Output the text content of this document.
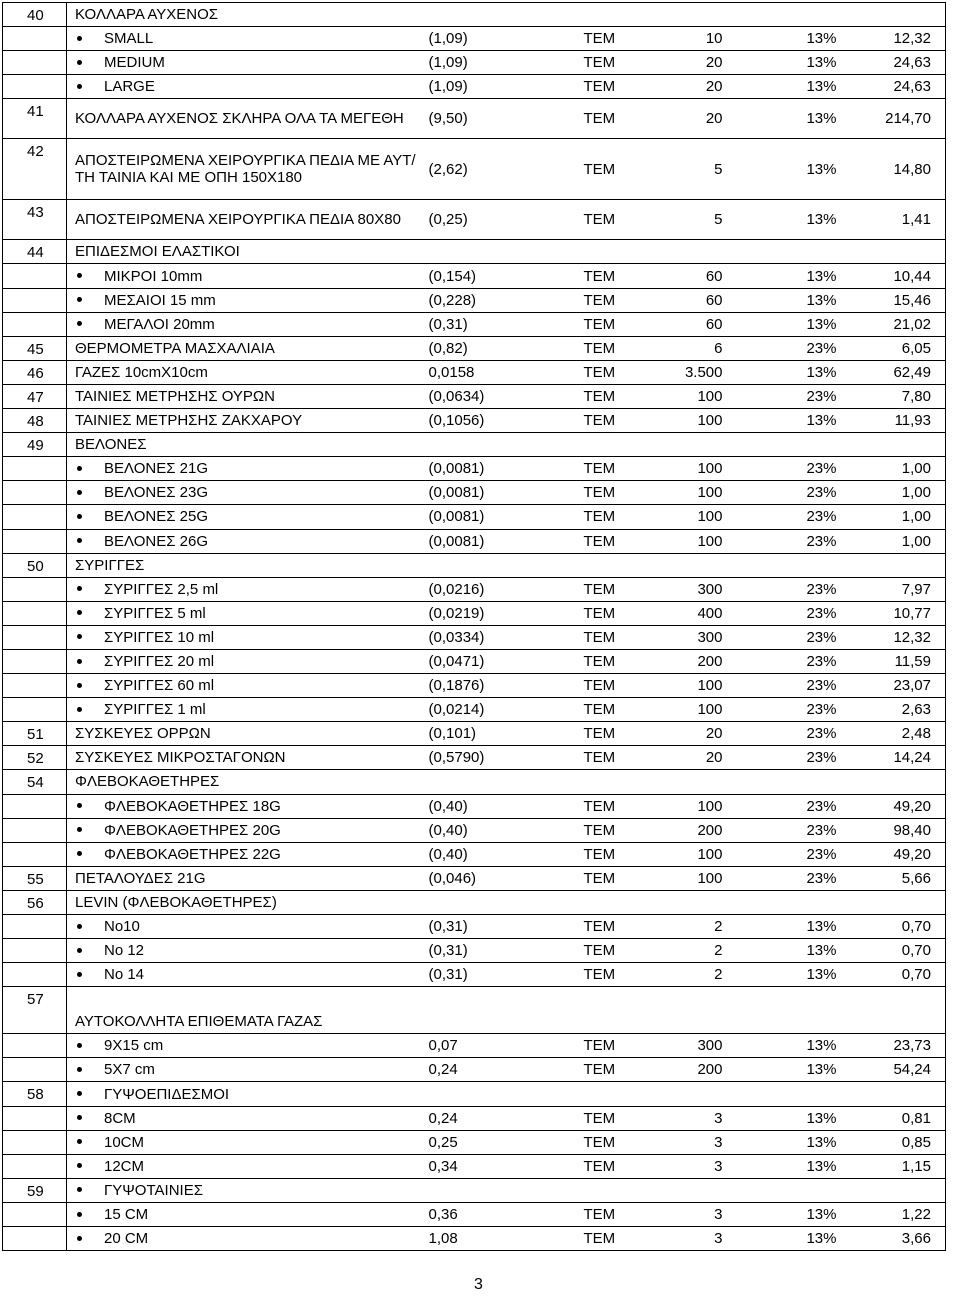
40	ΚΟΛΛΑΡΑ ΑΥΧΕΝΟΣ					
	SMALL	(1,09)	ΤΕΜ	10	13%	12,32
	MEDIUM	(1,09)	ΤΕΜ	20	13%	24,63
	LARGE	(1,09)	ΤΕΜ	20	13%	24,63
41	ΚΟΛΛΑΡΑ ΑΥΧΕΝΟΣ ΣΚΛΗΡΑ ΟΛΑ ΤΑ ΜΕΓΕΘΗ	(9,50)	ΤΕΜ	20	13%	214,70
42	ΑΠΟΣΤΕΙΡΩΜΕΝΑ ΧΕΙΡΟΥΡΓΙΚΑ ΠΕΔΙΑ ΜΕ ΑΥΤ/ΤΗ ΤΑΙΝΙΑ ΚΑΙ ΜΕ ΟΠΗ 150Χ180	(2,62)	ΤΕΜ	5	13%	14,80
43	ΑΠΟΣΤΕΙΡΩΜΕΝΑ ΧΕΙΡΟΥΡΓΙΚΑ ΠΕΔΙΑ 80Χ80	(0,25)	ΤΕΜ	5	13%	1,41
44	ΕΠΙΔΕΣΜΟΙ ΕΛΑΣΤΙΚΟΙ					
	ΜΙΚΡΟΙ 10mm	(0,154)	ΤΕΜ	60	13%	10,44
	ΜΕΣΑΙΟΙ 15 mm	(0,228)	ΤΕΜ	60	13%	15,46
	ΜΕΓΑΛΟΙ 20mm	(0,31)	ΤΕΜ	60	13%	21,02
45	ΘΕΡΜΟΜΕΤΡΑ ΜΑΣΧΑΛΙΑΙΑ	(0,82)	ΤΕΜ	6	23%	6,05
46	ΓΑΖΕΣ 10cmX10cm	0,0158	ΤΕΜ	3.500	13%	62,49
47	ΤΑΙΝΙΕΣ ΜΕΤΡΗΣΗΣ ΟΥΡΩΝ	(0,0634)	ΤΕΜ	100	23%	7,80
48	ΤΑΙΝΙΕΣ ΜΕΤΡΗΣΗΣ ΖΑΚΧΑΡΟΥ	(0,1056)	ΤΕΜ	100	13%	11,93
49	ΒΕΛΟΝΕΣ					
	ΒΕΛΟΝΕΣ 21G	(0,0081)	ΤΕΜ	100	23%	1,00
	ΒΕΛΟΝΕΣ 23G	(0,0081)	ΤΕΜ	100	23%	1,00
	ΒΕΛΟΝΕΣ 25G	(0,0081)	ΤΕΜ	100	23%	1,00
	ΒΕΛΟΝΕΣ 26G	(0,0081)	ΤΕΜ	100	23%	1,00
50	ΣΥΡΙΓΓΕΣ					
	ΣΥΡΙΓΓΕΣ 2,5 ml	(0,0216)	ΤΕΜ	300	23%	7,97
	ΣΥΡΙΓΓΕΣ 5 ml	(0,0219)	ΤΕΜ	400	23%	10,77
	ΣΥΡΙΓΓΕΣ 10 ml	(0,0334)	ΤΕΜ	300	23%	12,32
	ΣΥΡΙΓΓΕΣ 20 ml	(0,0471)	ΤΕΜ	200	23%	11,59
	ΣΥΡΙΓΓΕΣ 60 ml	(0,1876)	ΤΕΜ	100	23%	23,07
	ΣΥΡΙΓΓΕΣ 1 ml	(0,0214)	ΤΕΜ	100	23%	2,63
51	ΣΥΣΚΕΥΕΣ ΟΡΡΩΝ	(0,101)	ΤΕΜ	20	23%	2,48
52	ΣΥΣΚΕΥΕΣ ΜΙΚΡΟΣΤΑΓΟΝΩΝ	(0,5790)	ΤΕΜ	20	23%	14,24
54	ΦΛΕΒΟΚΑΘΕΤΗΡΕΣ					
	ΦΛΕΒΟΚΑΘΕΤΗΡΕΣ 18G	(0,40)	ΤΕΜ	100	23%	49,20
	ΦΛΕΒΟΚΑΘΕΤΗΡΕΣ 20G	(0,40)	ΤΕΜ	200	23%	98,40
	ΦΛΕΒΟΚΑΘΕΤΗΡΕΣ 22G	(0,40)	ΤΕΜ	100	23%	49,20
55	ΠΕΤΑΛΟΥΔΕΣ 21G	(0,046)	ΤΕΜ	100	23%	5,66
56	LEVIN (ΦΛΕΒΟΚΑΘΕΤΗΡΕΣ)					
	Nο10	(0,31)	ΤΕΜ	2	13%	0,70
	Nο 12	(0,31)	ΤΕΜ	2	13%	0,70
	Nο 14	(0,31)	ΤΕΜ	2	13%	0,70
57	ΑΥΤΟΚΟΛΛΗΤΑ ΕΠΙΘΕΜΑΤΑ ΓΑΖΑΣ					
	9Χ15 cm	0,07	ΤΕΜ	300	13%	23,73
	5Χ7 cm	0,24	ΤΕΜ	200	13%	54,24
58	ΓΥΨΟΕΠΙΔΕΣΜΟΙ					
	8CM	0,24	ΤΕΜ	3	13%	0,81
	10CM	0,25	ΤΕΜ	3	13%	0,85
	12CM	0,34	ΤΕΜ	3	13%	1,15
59	ΓΥΨΟΤΑΙΝΙΕΣ					
	15 CM	0,36	ΤΕΜ	3	13%	1,22
	20 CM	1,08	ΤΕΜ	3	13%	3,66
3
